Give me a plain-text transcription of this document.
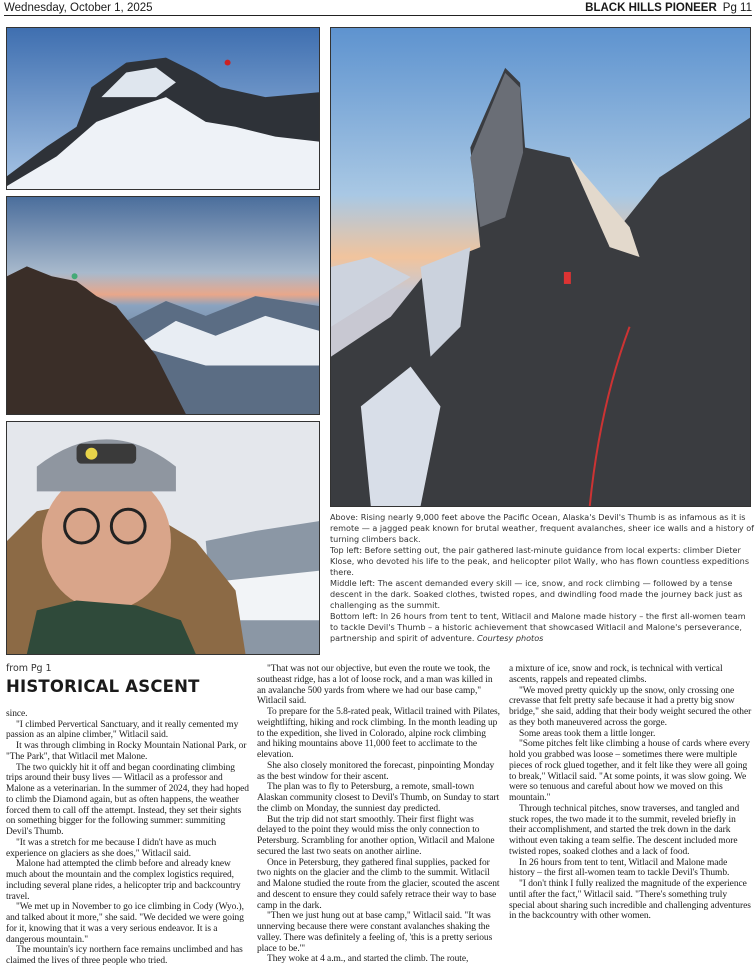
Wednesday, October 1, 2025	BLACK HILLS PIONEER Pg 11
Above: Rising nearly 9,000 feet above the Pacific Ocean, Alaska's Devil's Thumb is as infamous as it is remote — a jagged peak known for brutal weather, frequent avalanches, sheer ice walls and a history of turning climbers back.
Top left: Before setting out, the pair gathered last-minute guidance from local experts: climber Dieter Klose, who devoted his life to the peak, and helicopter pilot Wally, who has flown countless expeditions there.
Middle left: The ascent demanded every skill — ice, snow, and rock climbing — followed by a tense descent in the dark. Soaked clothes, twisted ropes, and dwindling food made the journey back just as challenging as the summit.
Bottom left: In 26 hours from tent to tent, Witlacil and Malone made history – the first all-women team to tackle Devil's Thumb – a historic achievement that showcased Witlacil and Malone's perseverance, partnership and spirit of adventure. Courtesy photos
from Pg 1
HISTORICAL ASCENT

since.

"I climbed Pervertical Sanctuary, and it really cemented my passion as an alpine climber," Witlacil said.

It was through climbing in Rocky Mountain National Park, or "The Park", that Witlacil met Malone.

The two quickly hit it off and began coordinating climbing trips around their busy lives — Witlacil as a professor and Malone as a veterinarian. In the summer of 2024, they had hoped to climb the Diamond again, but as often happens, the weather forced them to call off the attempt. Instead, they set their sights on something bigger for the following summer: summiting Devil's Thumb.

"It was a stretch for me because I didn't have as much experience on glaciers as she does," Witlacil said.

Malone had attempted the climb before and already knew much about the mountain and the complex logistics required, including several plane rides, a helicopter trip and backcountry travel.

"We met up in November to go ice climbing in Cody (Wyo.), and talked about it more," she said. "We decided we were going for it, knowing that it was a very serious endeavor. It is a dangerous mountain."

The mountain's icy northern face remains unclimbed and has claimed the lives of three people who tried.

"That was not our objective, but even the route we took, the southeast ridge, has a lot of loose rock, and a man was killed in an avalanche 500 yards from where we had our base camp," Witlacil said.

To prepare for the 5.8-rated peak, Witlacil trained with Pilates, weightlifting, hiking and rock climbing. In the month leading up to the expedition, she lived in Colorado, alpine rock climbing and hiking mountains above 11,000 feet to acclimate to the elevation.

She also closely monitored the forecast, pinpointing Monday as the best window for their ascent.

The plan was to fly to Petersburg, a remote, small-town Alaskan community closest to Devil's Thumb, on Sunday to start the climb on Monday, the sunniest day predicted.

But the trip did not start smoothly. Their first flight was delayed to the point they would miss the only connection to Petersburg. Scrambling for another option, Witlacil and Malone secured the last two seats on another airline.

Once in Petersburg, they gathered final supplies, packed for two nights on the glacier and the climb to the summit. Witlacil and Malone studied the route from the glacier, scouted the ascent and descent to ensure they could safely retrace their way to base camp in the dark.

"Then we just hung out at base camp," Witlacil said. "It was unnerving because there were constant avalanches shaking the valley. There was definitely a feeling of, 'this is a pretty serious place to be.'"

They woke at 4 a.m., and started the climb. The route,

a mixture of ice, snow and rock, is technical with vertical ascents, rappels and repeated climbs.

"We moved pretty quickly up the snow, only crossing one crevasse that felt pretty safe because it had a pretty big snow bridge," she said, adding that their body weight secured the other as they both maneuvered across the gorge.

Some areas took them a little longer.

"Some pitches felt like climbing a house of cards where every hold you grabbed was loose – sometimes there were multiple pieces of rock glued together, and it felt like they were all going to break," Witlacil said. "At some points, it was slow going. We were so tenuous and careful about how we moved on this mountain."

Through technical pitches, snow traverses, and tangled and stuck ropes, the two made it to the summit, reveled briefly in their accomplishment, and started the trek down in the dark without even taking a team selfie. The descent included more twisted ropes, soaked clothes and a lack of food.

In 26 hours from tent to tent, Witlacil and Malone made history – the first all-women team to tackle Devil's Thumb.

"I don't think I fully realized the magnitude of the experience until after the fact," Witlacil said. "There's something truly special about sharing such incredible and challenging adventures in the backcountry with other women.
